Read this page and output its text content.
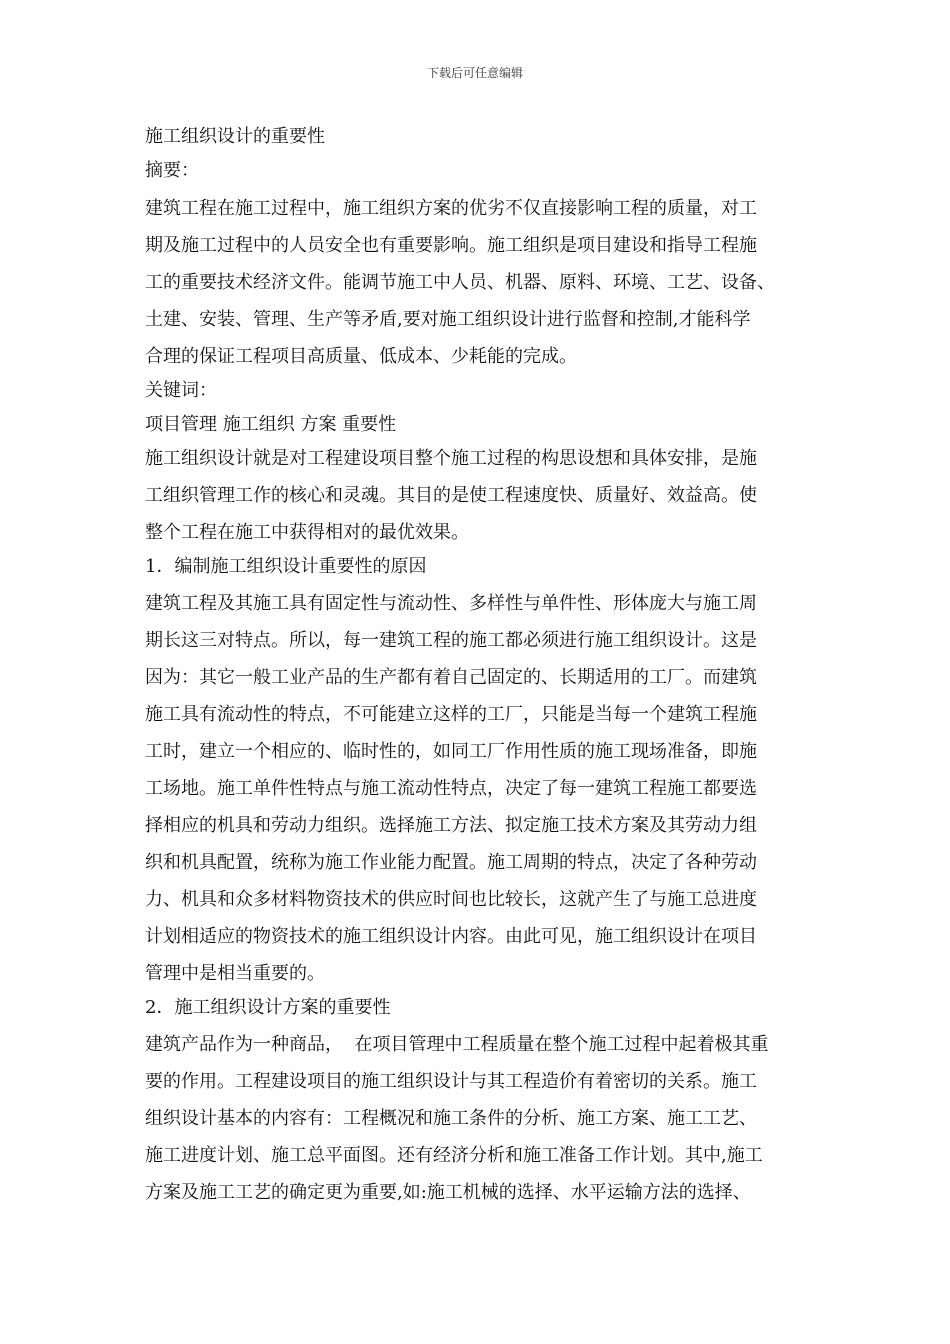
下载后可任意编辑
施工组织设计的重要性
摘要：
建筑工程在施工过程中，施工组织方案的优劣不仅直接影响工程的质量，对工
期及施工过程中的人员安全也有重要影响。施工组织是项目建设和指导工程施
工的重要技术经济文件。能调节施工中人员、机器、原料、环境、工艺、设备、
土建、安装、管理、生产等矛盾,要对施工组织设计进行监督和控制,才能科学
合理的保证工程项目高质量、低成本、少耗能的完成。
关键词：
项目管理 施工组织 方案 重要性
施工组织设计就是对工程建设项目整个施工过程的构思设想和具体安排，是施
工组织管理工作的核心和灵魂。其目的是使工程速度快、质量好、效益高。使
整个工程在施工中获得相对的最优效果。
1．编制施工组织设计重要性的原因
建筑工程及其施工具有固定性与流动性、多样性与单件性、形体庞大与施工周
期长这三对特点。所以，每一建筑工程的施工都必须进行施工组织设计。这是
因为：其它一般工业产品的生产都有着自己固定的、长期适用的工厂。而建筑
施工具有流动性的特点，不可能建立这样的工厂，只能是当每一个建筑工程施
工时，建立一个相应的、临时性的，如同工厂作用性质的施工现场准备，即施
工场地。施工单件性特点与施工流动性特点，决定了每一建筑工程施工都要选
择相应的机具和劳动力组织。选择施工方法、拟定施工技术方案及其劳动力组
织和机具配置，统称为施工作业能力配置。施工周期的特点，决定了各种劳动
力、机具和众多材料物资技术的供应时间也比较长，这就产生了与施工总进度
计划相适应的物资技术的施工组织设计内容。由此可见，施工组织设计在项目
管理中是相当重要的。
2．施工组织设计方案的重要性
建筑产品作为一种商品，  在项目管理中工程质量在整个施工过程中起着极其重
要的作用。工程建设项目的施工组织设计与其工程造价有着密切的关系。施工
组织设计基本的内容有：工程概况和施工条件的分析、施工方案、施工工艺、
施工进度计划、施工总平面图。还有经济分析和施工准备工作计划。其中,施工
方案及施工工艺的确定更为重要,如:施工机械的选择、水平运输方法的选择、
